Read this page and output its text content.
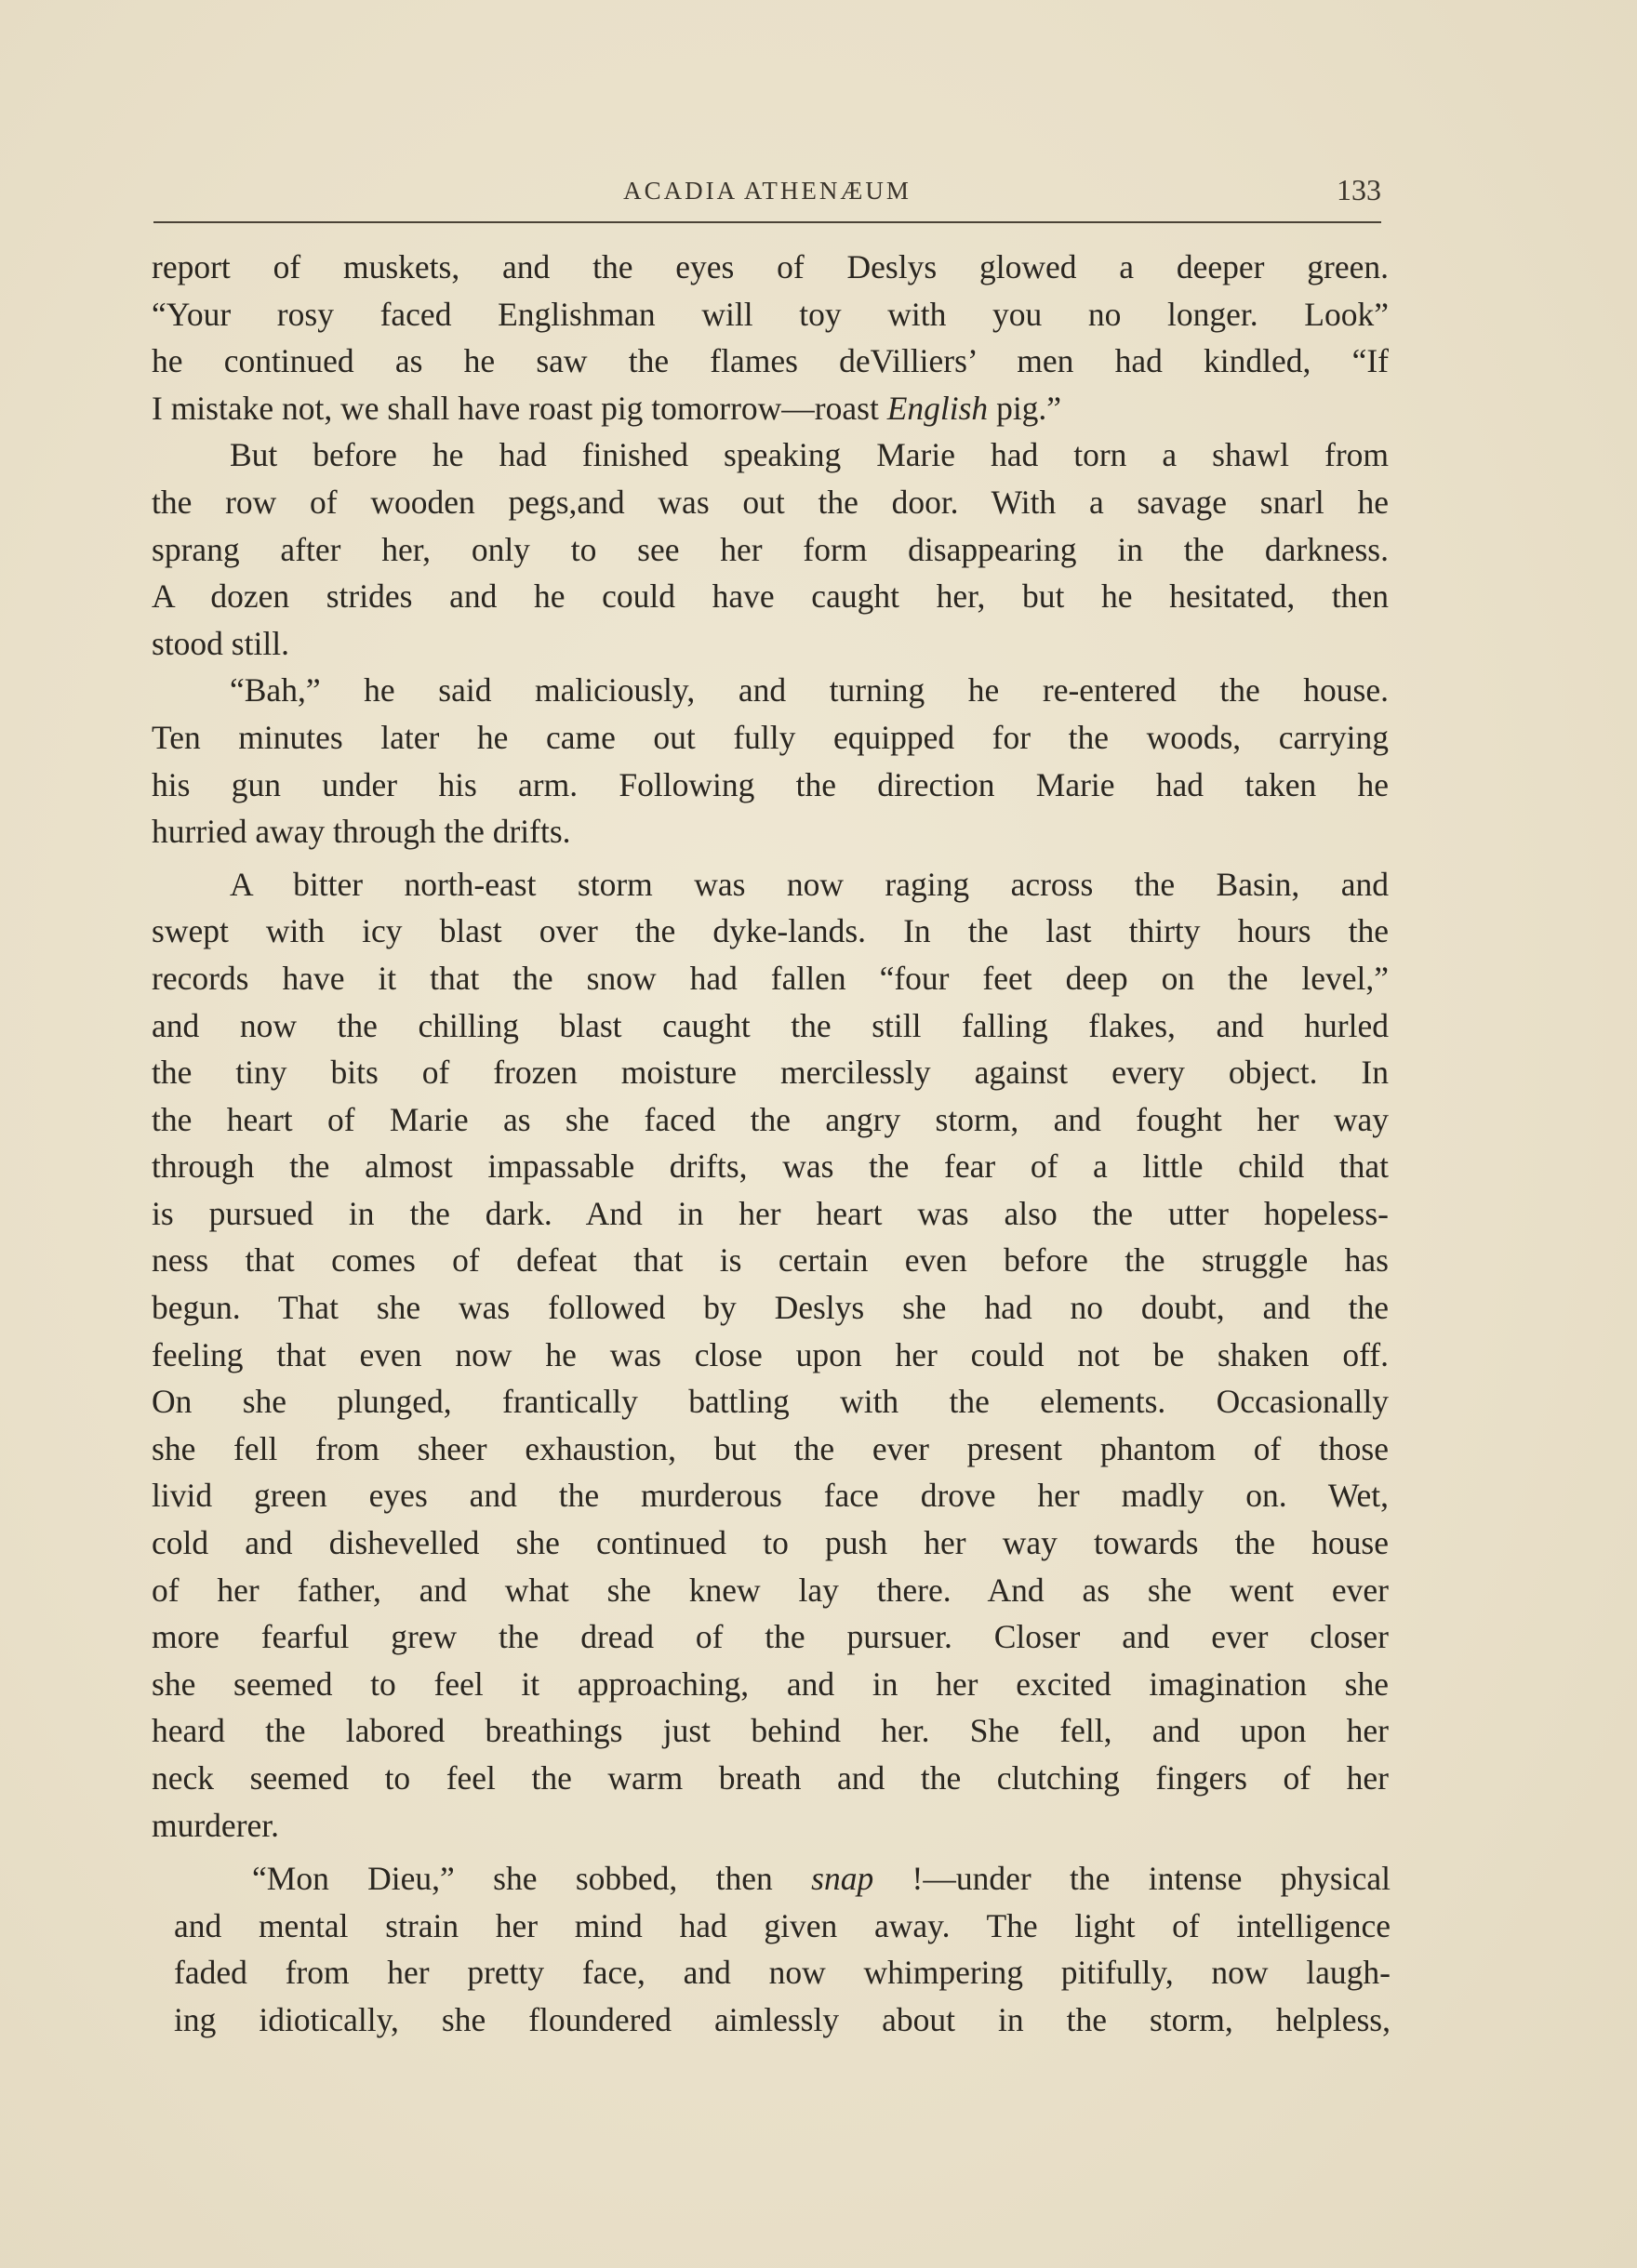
ACADIA ATHENÆUM	133

report of muskets, and the eyes of Deslys glowed a deeper green.
“Your rosy faced Englishman will toy with you no longer. Look”
he continued as he saw the flames deVilliers’ men had kindled, “If
I mistake not, we shall have roast pig tomorrow—roast English pig.”

But before he had finished speaking Marie had torn a shawl from
the row of wooden pegs,and was out the door. With a savage snarl he
sprang after her, only to see her form disappearing in the darkness.
A dozen strides and he could have caught her, but he hesitated, then
stood still.

“Bah,” he said maliciously, and turning he re-entered the house.
Ten minutes later he came out fully equipped for the woods, carrying
his gun under his arm. Following the direction Marie had taken he
hurried away through the drifts.

A bitter north-east storm was now raging across the Basin, and
swept with icy blast over the dyke-lands. In the last thirty hours the
records have it that the snow had fallen “four feet deep on the level,”
and now the chilling blast caught the still falling flakes, and hurled
the tiny bits of frozen moisture mercilessly against every object. In
the heart of Marie as she faced the angry storm, and fought her way
through the almost impassable drifts, was the fear of a little child that
is pursued in the dark. And in her heart was also the utter hopeless-
ness that comes of defeat that is certain even before the struggle has
begun. That she was followed by Deslys she had no doubt, and the
feeling that even now he was close upon her could not be shaken off.
On she plunged, frantically battling with the elements. Occasionally
she fell from sheer exhaustion, but the ever present phantom of those
livid green eyes and the murderous face drove her madly on. Wet,
cold and dishevelled she continued to push her way towards the house
of her father, and what she knew lay there. And as she went ever
more fearful grew the dread of the pursuer. Closer and ever closer
she seemed to feel it approaching, and in her excited imagination she
heard the labored breathings just behind her. She fell, and upon her
neck seemed to feel the warm breath and the clutching fingers of her
murderer.

“Mon Dieu,” she sobbed, then snap !—under the intense physical
and mental strain her mind had given away. The light of intelligence
faded from her pretty face, and now whimpering pitifully, now laugh-
ing idiotically, she floundered aimlessly about in the storm, helpless,
